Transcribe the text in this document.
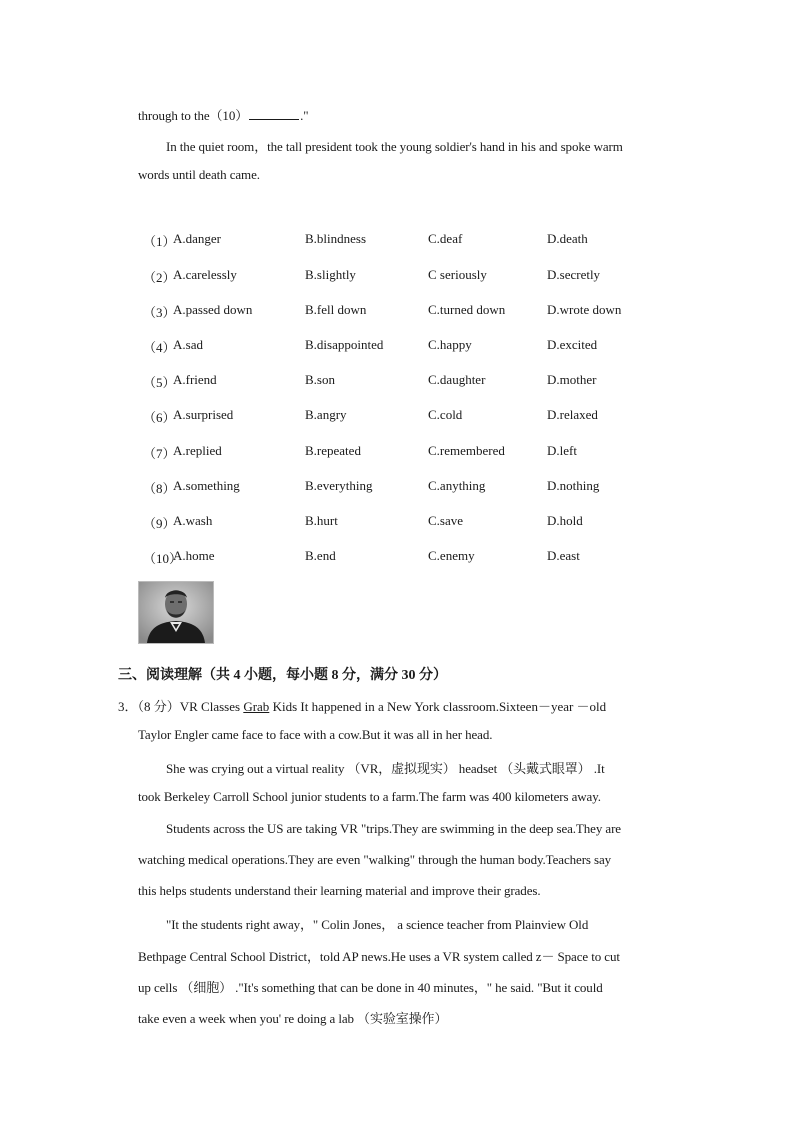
through to the（10）	."
In the quiet room，the tall president took the young soldier's hand in his and spoke warm
words until death came.
（1）
A.danger	B.blindness	C.deaf	D.death
（2）
A.carelessly	B.slightly	C seriously	D.secretly
（3）
A.passed down	B.fell down	C.turned down	D.wrote down
（4）
A.sad	B.disappointed	C.happy	D.excited
（5）
A.friend	B.son	C.daughter	D.mother
（6）
A.surprised	B.angry	C.cold	D.relaxed
（7）
A.replied	B.repeated	C.remembered	D.left
（8）
A.something	B.everything	C.anything	D.nothing
（9）
A.wash	B.hurt	C.save	D.hold
（10）
A.home	B.end	C.enemy	D.east
三、阅读理解（共 4 小题，每小题 8 分，满分 30 分）
3．（8 分）VR Classes Grab Kids It happened in a New York classroom.Sixteen－year －old
Taylor Engler came face to face with a cow.But it was all in her head.
She was crying out a virtual reality （VR，虚拟现实） headset （头戴式眼罩） .It
took Berkeley Carroll School junior students to a farm.The farm was 400 kilometers away.
Students across the US are taking VR "trips.They are swimming in the deep sea.They are
watching medical operations.They are even "walking" through the human body.Teachers say
this helps students understand their learning material and improve their grades.
"It the students right away，" Colin Jones， a science teacher from Plainview Old
Bethpage Central School District，told AP news.He uses a VR system called z－ Space to cut
up cells （细胞） ."It's something that can be done in 40 minutes，" he said. "But it could
take even a week when you' re doing a lab （实验室操作）
